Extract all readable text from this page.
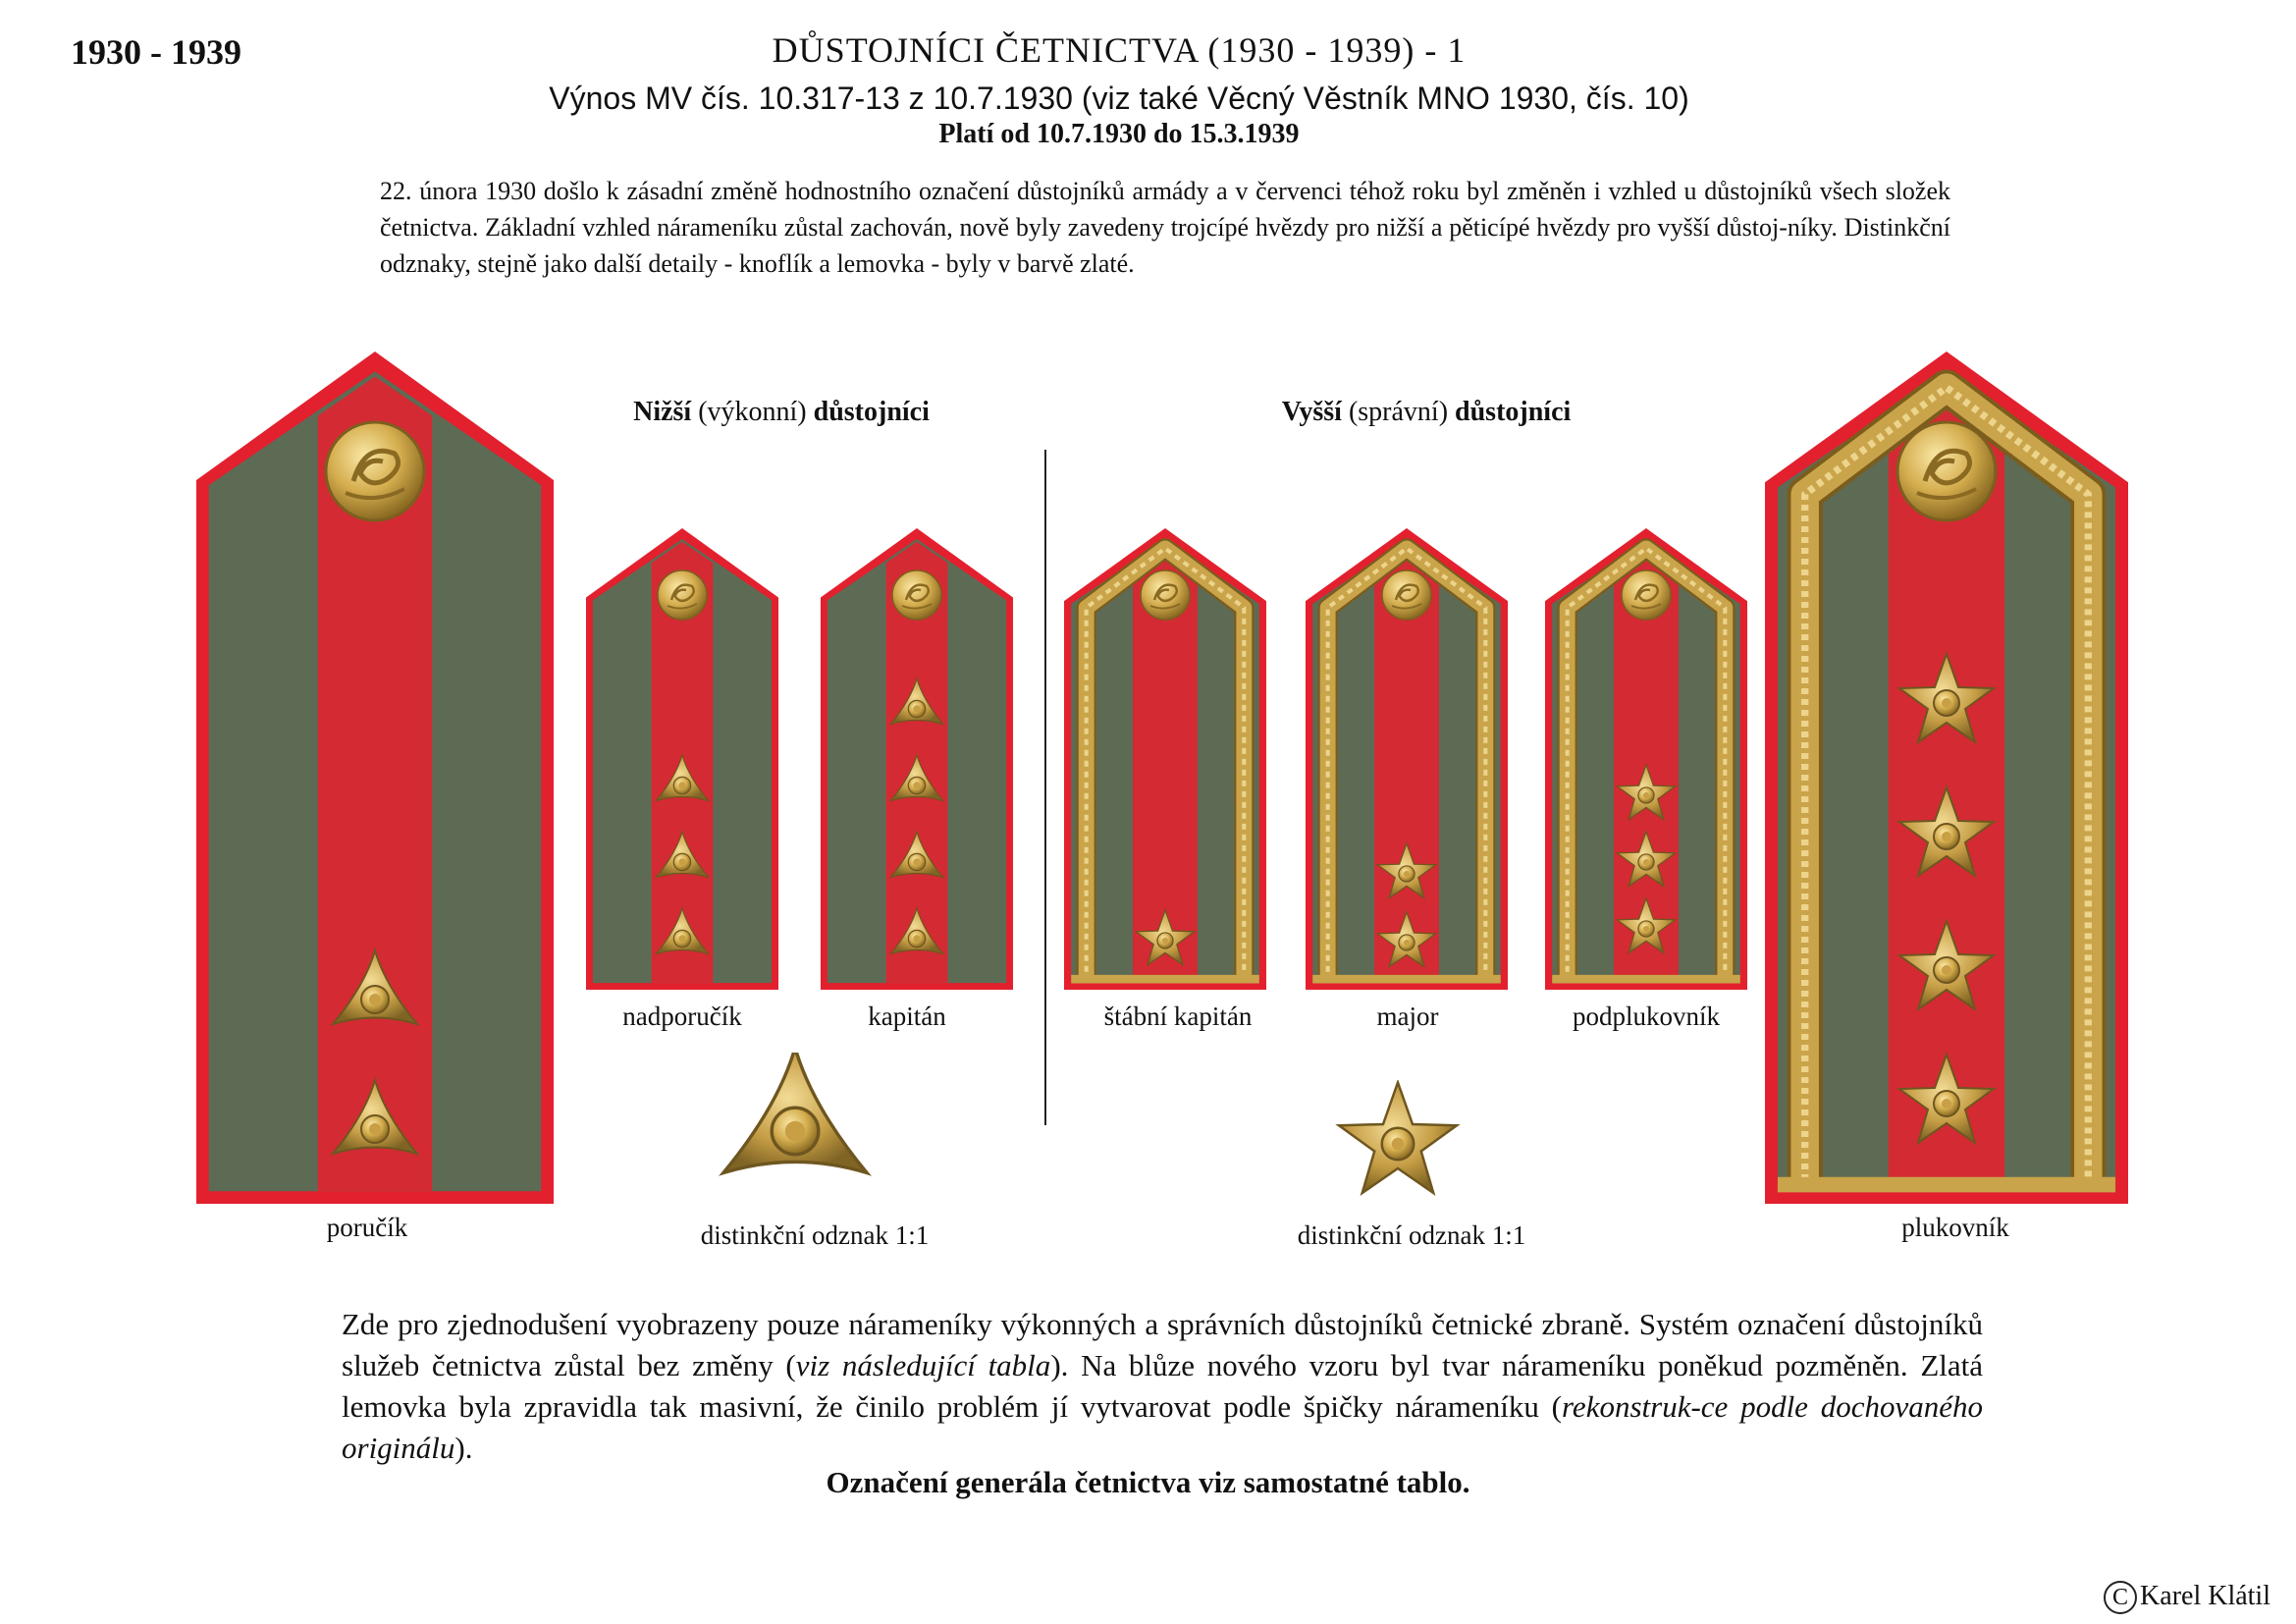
1930 - 1939	DŮSTOJNÍCI ČETNICTVA (1930 - 1939) - 1
Výnos MV čís. 10.317-13 z 10.7.1930 (viz také Věcný Věstník MNO 1930, čís. 10)
Platí od 10.7.1930 do 15.3.1939
22. února 1930 došlo k zásadní změně hodnostního označení důstojníků armády a v červenci téhož roku byl změněn i vzhled u důstojníků všech složek četnictva. Základní vzhled nárameníku zůstal zachován, nově byly zavedeny trojcípé hvězdy pro nižší a pěticípé hvězdy pro vyšší důstoj-níky. Distinkční odznaky, stejně jako další detaily - knoflík a lemovka - byly v barvě zlaté.
Nižší (výkonní) důstojníci	Vyšší (správní) důstojníci
poručík
nadporučík	kapitán	štábní kapitán	major	podplukovník
plukovník
distinkční odznak 1:1	distinkční odznak 1:1
Zde pro zjednodušení vyobrazeny pouze nárameníky výkonných a správních důstojníků četnické zbraně. Systém označení důstojníků služeb četnictva zůstal bez změny (viz následující tabla). Na blůze nového vzoru byl tvar nárameníku poněkud pozměněn. Zlatá lemovka byla zpravidla tak masivní, že činilo problém jí vytvarovat podle špičky nárameníku (rekonstruk-ce podle dochovaného originálu).
Označení generála četnictva viz samostatné tablo.
C Karel Klátil
